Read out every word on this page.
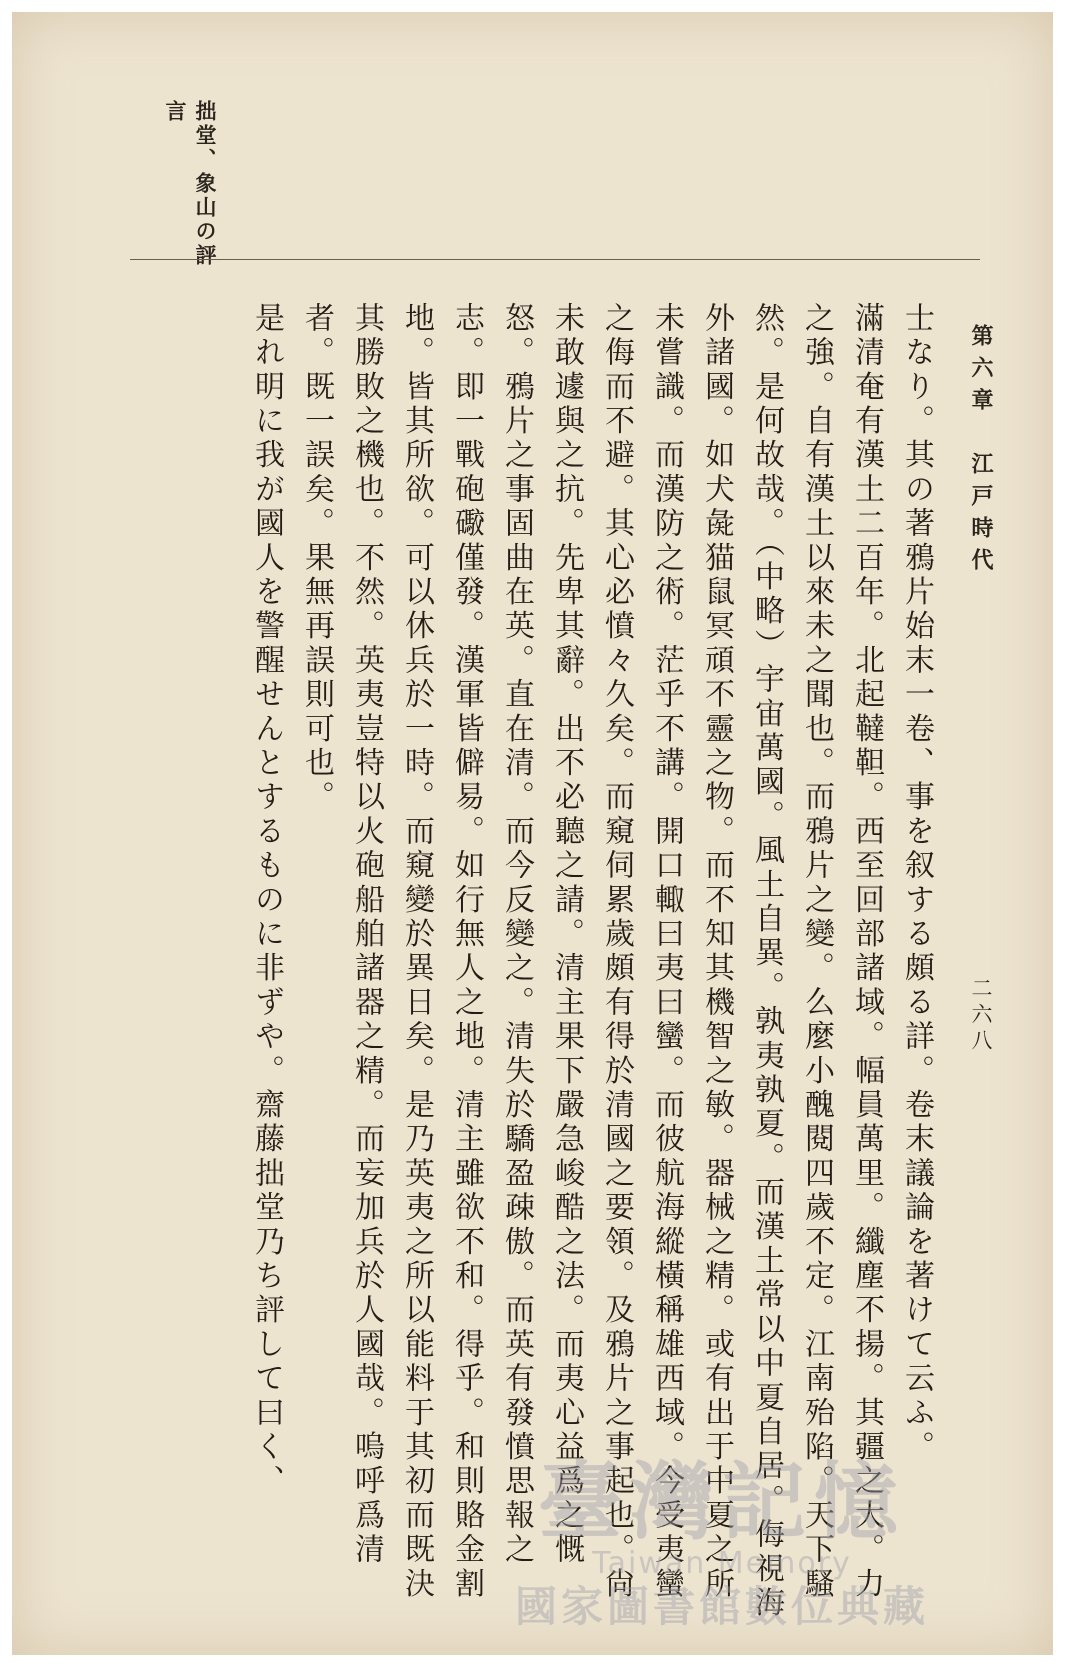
第六章　江戸時代
二六八
拙堂、象山の評言

士なり。其の著鴉片始末一卷、事を叙する頗る詳。卷末議論を著けて云ふ。

滿清奄有漢土二百年。北起韃靼。西至回部諸域。幅員萬里。纖塵不揚。其疆之大。力之強。自有漢土以來未之聞也。而鴉片之變。么麼小醜閱四歲不定。江南殆陷。天下騷然。是何故哉。（中略）宇宙萬國。風土自異。孰夷孰夏。而漢土常以中夏自居。侮視海外諸國。如犬彘猫鼠冥頑不靈之物。而不知其機智之敏。器械之精。或有出于中夏之所未嘗識。而漢防之術。茫乎不講。開口輙曰夷曰蠻。而彼航海縱橫稱雄西域。今受夷蠻之侮而不避。其心必憤々久矣。而窺伺累歲頗有得於清國之要領。及鴉片之事起也。尙未敢遽與之抗。先卑其辭。出不必聽之請。清主果下嚴急峻酷之法。而夷心益爲之慨怒。鴉片之事固曲在英。直在清。而今反變之。清失於驕盈疎傲。而英有發憤思報之志。即一戰砲礮僅發。漢軍皆僻易。如行無人之地。清主雖欲不和。得乎。和則賂金割地。皆其所欲。可以休兵於一時。而窺變於異日矣。是乃英夷之所以能料于其初而既決其勝敗之機也。不然。英夷豈特以火砲船舶諸器之精。而妄加兵於人國哉。嗚呼爲清者。既一誤矣。果無再誤則可也。

是れ明に我が國人を警醒せんとするものに非ずや。齋藤拙堂乃ち評して曰く、

臺灣記憶
Taiwan Memory
國家圖書館數位典藏
